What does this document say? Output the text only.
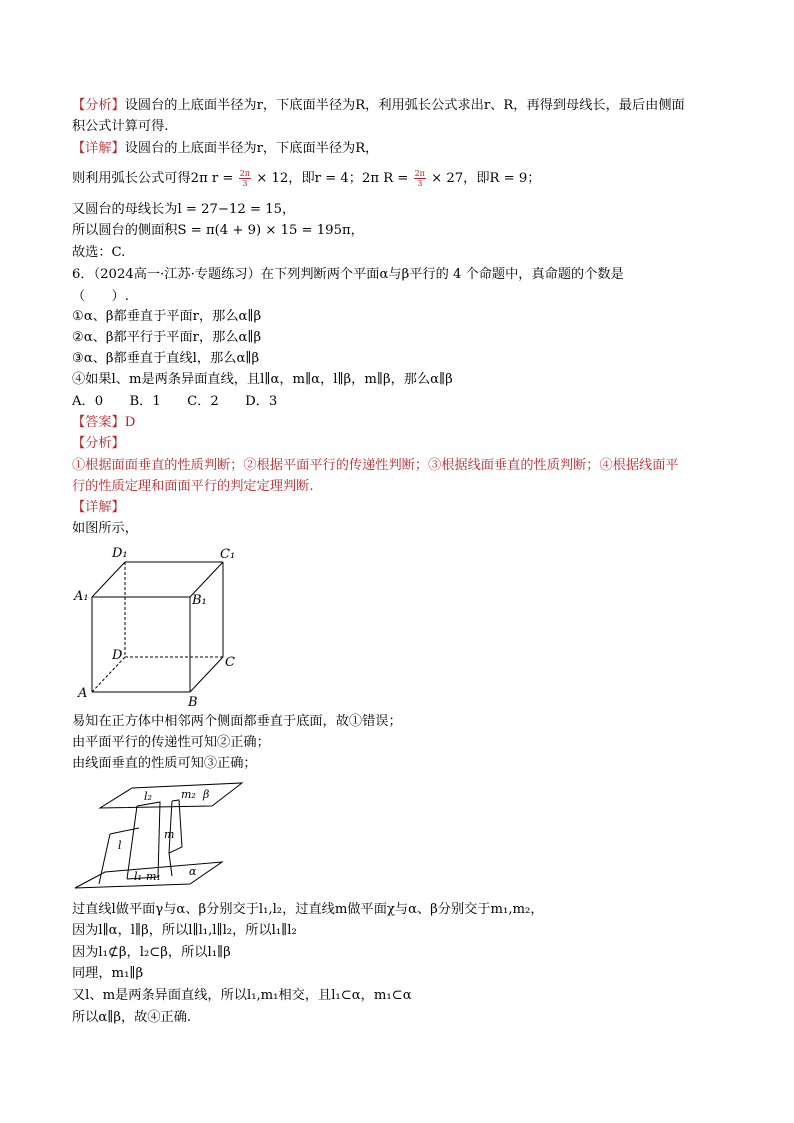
【分析】设圆台的上底面半径为r，下底面半径为R，利用弧长公式求出r、R，再得到母线长，最后由侧面
积公式计算可得.
【详解】设圆台的上底面半径为r，下底面半径为R，
则利用弧长公式可得2π $r = \frac{2\pi}{3} \times 12$，即r = 4；2π $R = \frac{2\pi}{3} \times 27$，即R = 9；
又圆台的母线长为l = 27−12 = 15，
所以圆台的侧面积S = π(4 + 9) × 15 = 195π，
故选：C.
6．（2024高一·江苏·专题练习）在下列判断两个平面α与β平行的 4 个命题中，真命题的个数是
（　　）.
①α、β都垂直于平面r，那么α∥β
②α、β都平行于平面r，那么α∥β
③α、β都垂直于直线l，那么α∥β
④如果l、m是两条异面直线，且l∥α，m∥α，l∥β，m∥β，那么α∥β
A．0　　B．1　　C．2　　D．3
【答案】D
【分析】
①根据面面垂直的性质判断；②根据平面平行的传递性判断；③根据线面垂直的性质判断；④根据线面平
行的性质定理和面面平行的判定定理判断.
【详解】
如图所示，
D₁	C₁
A₁	B₁
D	C
A
B
易知在正方体中相邻两个侧面都垂直于底面，故①错误；
由平面平行的传递性可知②正确；
由线面垂直的性质可知③正确；
l₂	m₂ β
m
l
l₁ m₁	α
过直线l做平面γ与α、β分别交于l₁,l₂，过直线m做平面χ与α、β分别交于m₁,m₂，
因为l∥α，l∥β，所以l∥l₁,l∥l₂，所以l₁∥l₂
因为l₁⊄β，l₂⊂β，所以l₁∥β
同理，m₁∥β
又l、m是两条异面直线，所以l₁,m₁相交，且l₁⊂α，m₁⊂α
所以α∥β，故④正确.
